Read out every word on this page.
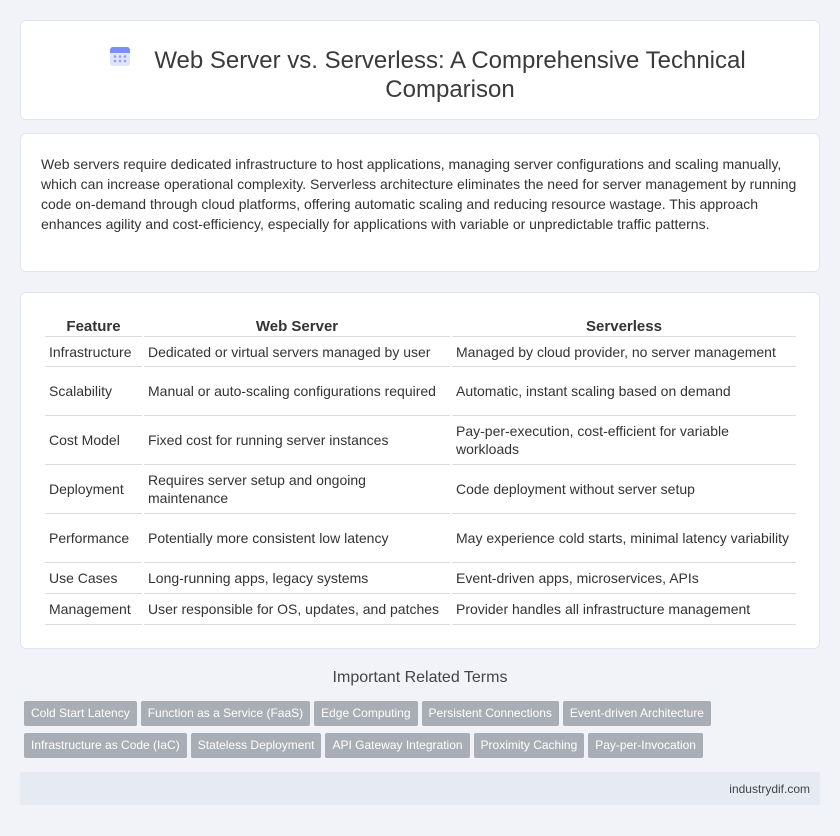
Web Server vs. Serverless: A Comprehensive Technical Comparison

Web servers require dedicated infrastructure to host applications, managing server configurations and scaling manually, which can increase operational complexity. Serverless architecture eliminates the need for server management by running code on-demand through cloud platforms, offering automatic scaling and reducing resource wastage. This approach enhances agility and cost-efficiency, especially for applications with variable or unpredictable traffic patterns.

Feature	Web Server	Serverless
Infrastructure	Dedicated or virtual servers managed by user	Managed by cloud provider, no server management
Scalability	Manual or auto-scaling configurations required	Automatic, instant scaling based on demand
Cost Model	Fixed cost for running server instances	Pay-per-execution, cost-efficient for variable workloads
Deployment	Requires server setup and ongoing maintenance	Code deployment without server setup
Performance	Potentially more consistent low latency	May experience cold starts, minimal latency variability
Use Cases	Long-running apps, legacy systems	Event-driven apps, microservices, APIs
Management	User responsible for OS, updates, and patches	Provider handles all infrastructure management
Important Related Terms
Cold Start Latency Function as a Service (FaaS) Edge Computing Persistent Connections Event-driven Architecture
Infrastructure as Code (IaC) Stateless Deployment API Gateway Integration Proximity Caching Pay-per-Invocation
industrydif.com
